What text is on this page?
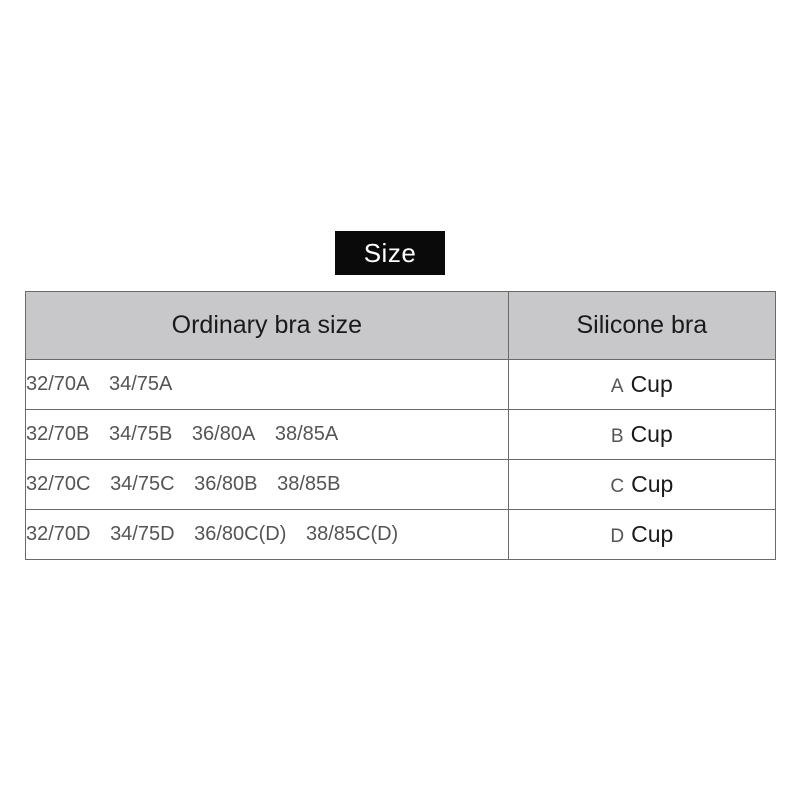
Size
Ordinary bra size	Silicone bra
32/70A 34/75A	A Cup
32/70B 34/75B 36/80A 38/85A	B Cup
32/70C 34/75C 36/80B 38/85B	C Cup
32/70D 34/75D 36/80C(D) 38/85C(D)	D Cup
